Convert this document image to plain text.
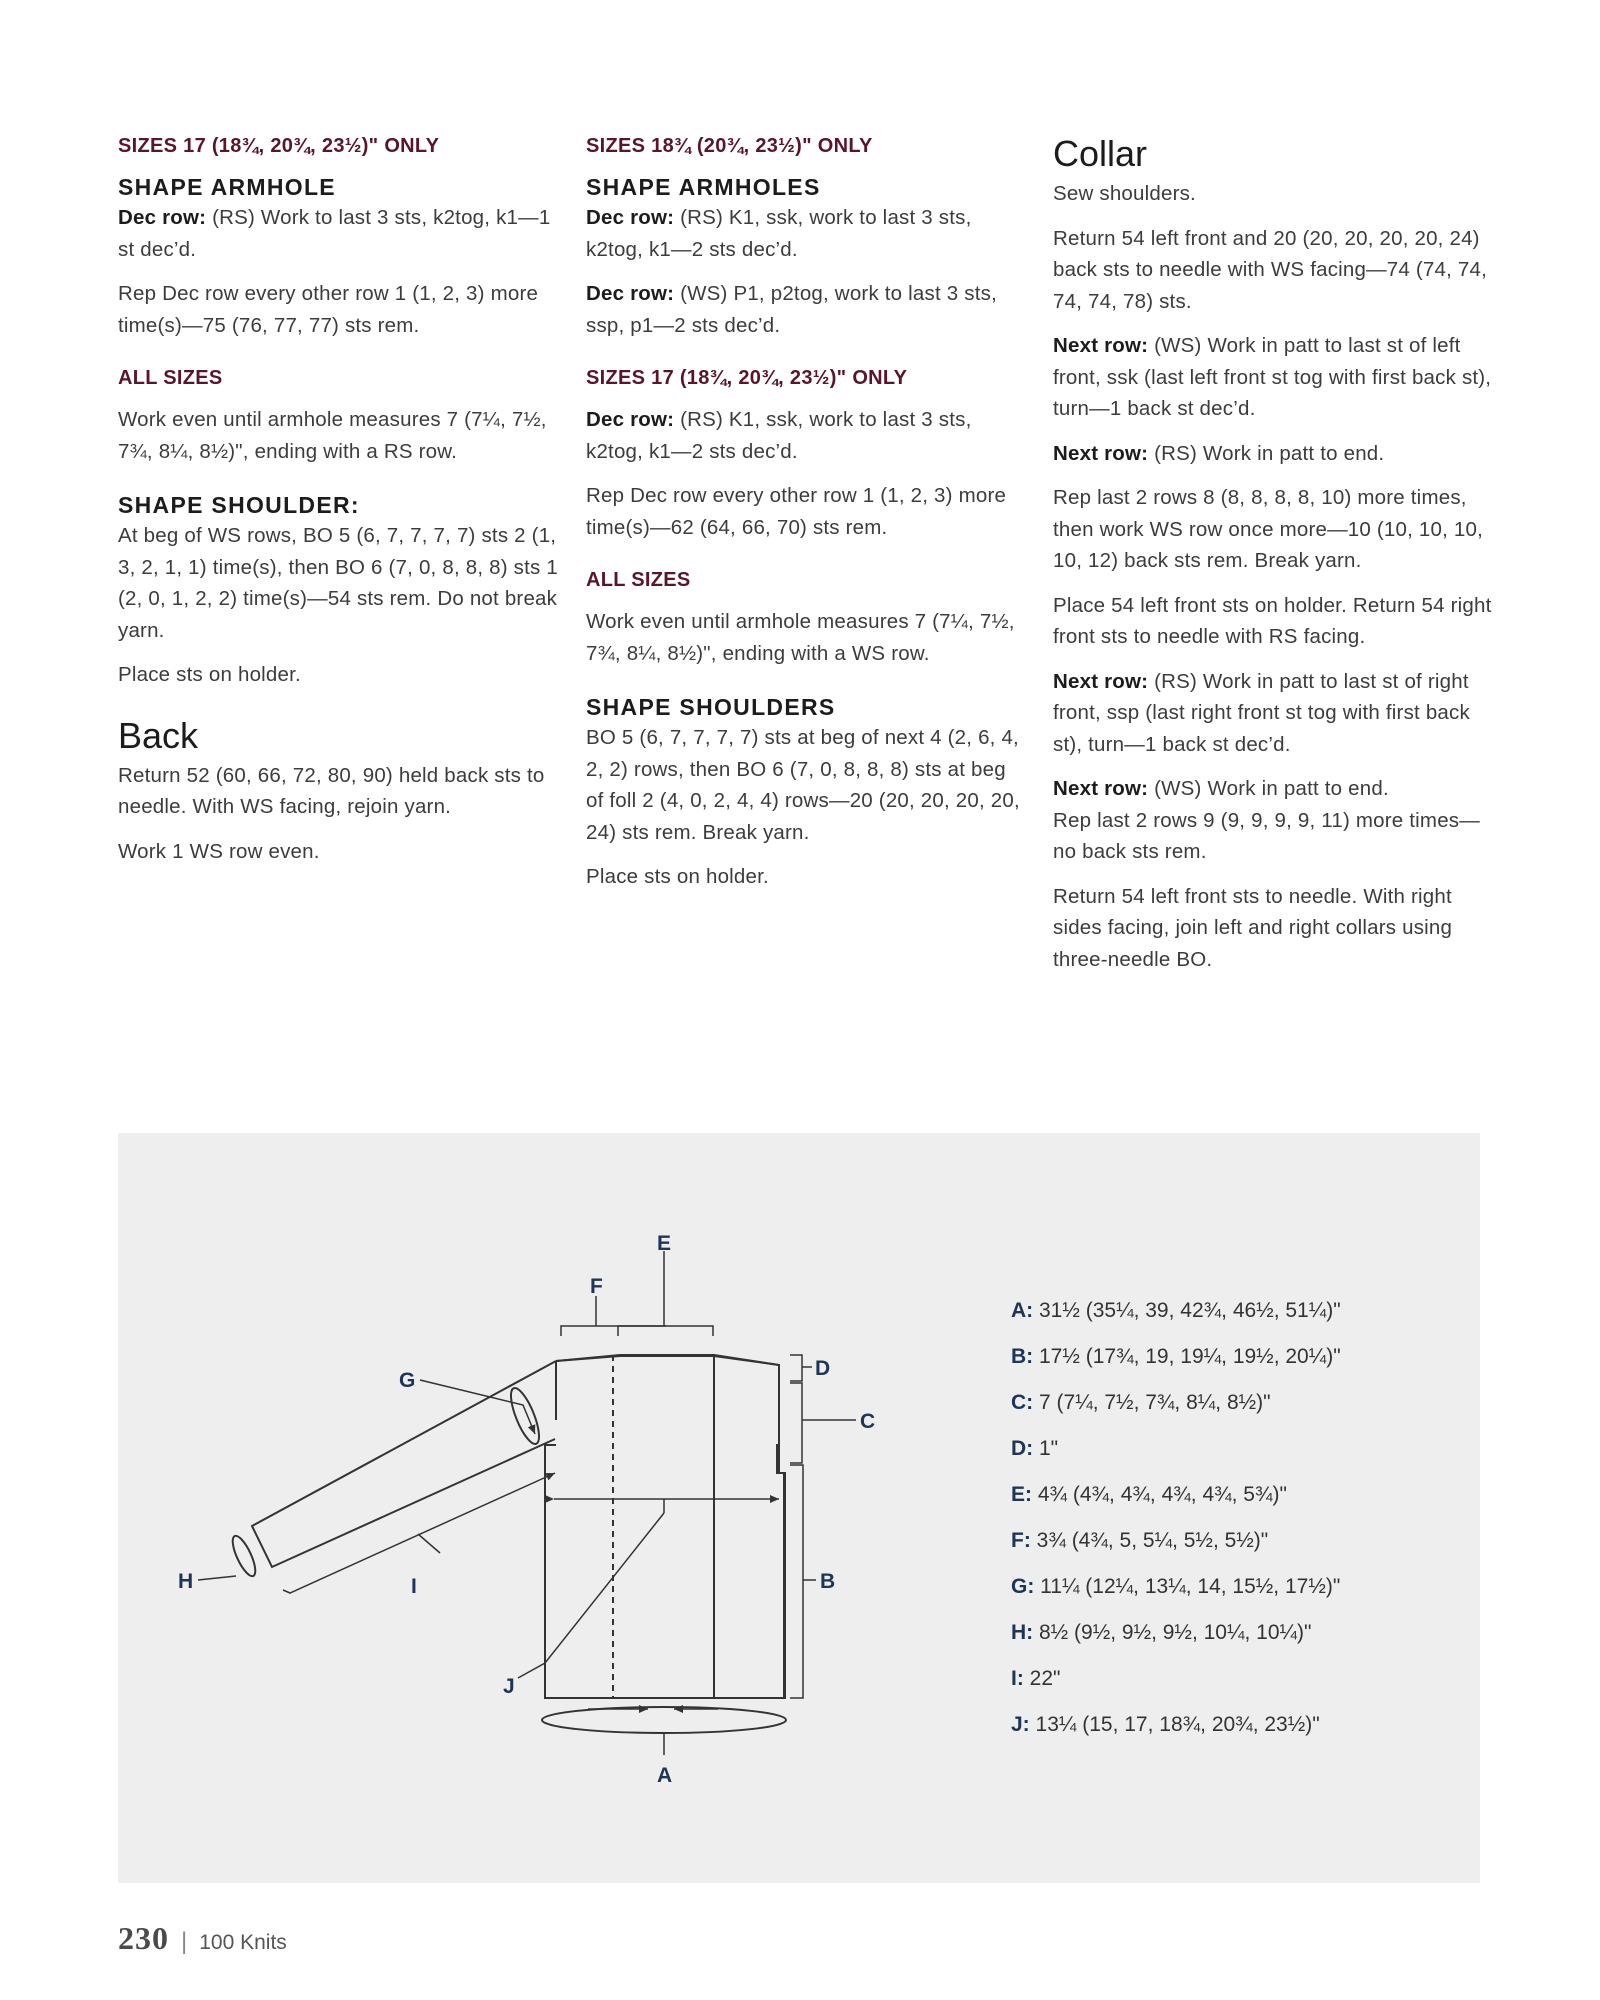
SIZES 17 (18¾, 20¾, 23½)" ONLY
SHAPE ARMHOLE

Dec row: (RS) Work to last 3 sts, k2tog, k1—1 st dec’d.

Rep Dec row every other row 1 (1, 2, 3) more time(s)—75 (76, 77, 77) sts rem.

ALL SIZES

Work even until armhole measures 7 (7¼, 7½, 7¾, 8¼, 8½)", ending with a RS row.

SHAPE SHOULDER:

At beg of WS rows, BO 5 (6, 7, 7, 7, 7) sts 2 (1, 3, 2, 1, 1) time(s), then BO 6 (7, 0, 8, 8, 8) sts 1 (2, 0, 1, 2, 2) time(s)—54 sts rem. Do not break yarn.

Place sts on holder.

Back

Return 52 (60, 66, 72, 80, 90) held back sts to needle. With WS facing, rejoin yarn.

Work 1 WS row even.

SIZES 18¾ (20¾, 23½)" ONLY
SHAPE ARMHOLES

Dec row: (RS) K1, ssk, work to last 3 sts, k2tog, k1—2 sts dec’d.

Dec row: (WS) P1, p2tog, work to last 3 sts, ssp, p1—2 sts dec’d.

SIZES 17 (18¾, 20¾, 23½)" ONLY

Dec row: (RS) K1, ssk, work to last 3 sts, k2tog, k1—2 sts dec’d.

Rep Dec row every other row 1 (1, 2, 3) more time(s)—62 (64, 66, 70) sts rem.

ALL SIZES

Work even until armhole measures 7 (7¼, 7½, 7¾, 8¼, 8½)", ending with a WS row.

SHAPE SHOULDERS

BO 5 (6, 7, 7, 7, 7) sts at beg of next 4 (2, 6, 4, 2, 2) rows, then BO 6 (7, 0, 8, 8, 8) sts at beg of foll 2 (4, 0, 2, 4, 4) rows—20 (20, 20, 20, 20, 24) sts rem. Break yarn.

Place sts on holder.

Collar

Sew shoulders.

Return 54 left front and 20 (20, 20, 20, 20, 24) back sts to needle with WS facing—74 (74, 74, 74, 74, 78) sts.

Next row: (WS) Work in patt to last st of left front, ssk (last left front st tog with first back st), turn—1 back st dec’d.

Next row: (RS) Work in patt to end.

Rep last 2 rows 8 (8, 8, 8, 8, 10) more times, then work WS row once more—10 (10, 10, 10, 10, 12) back sts rem. Break yarn.

Place 54 left front sts on holder. Return 54 right front sts to needle with RS facing.

Next row: (RS) Work in patt to last st of right front, ssp (last right front st tog with first back st), turn—1 back st dec’d.

Next row: (WS) Work in patt to end.

Rep last 2 rows 9 (9, 9, 9, 9, 11) more times—no back sts rem.

Return 54 left front sts to needle. With right sides facing, join left and right collars using three-needle BO.

A
B
C
D
E
F
G
H	I
J
A: 31½ (35¼, 39, 42¾, 46½, 51¼)"
B: 17½ (17¾, 19, 19¼, 19½, 20¼)"
C: 7 (7¼, 7½, 7¾, 8¼, 8½)"
D: 1"
E: 4¾ (4¾, 4¾, 4¾, 4¾, 5¾)"
F: 3¾ (4¾, 5, 5¼, 5½, 5½)"
G: 11¼ (12¼, 13¼, 14, 15½, 17½)"
H: 8½ (9½, 9½, 9½, 10¼, 10¼)"
I: 22"
J: 13¼ (15, 17, 18¾, 20¾, 23½)"
230 | 100 Knits
